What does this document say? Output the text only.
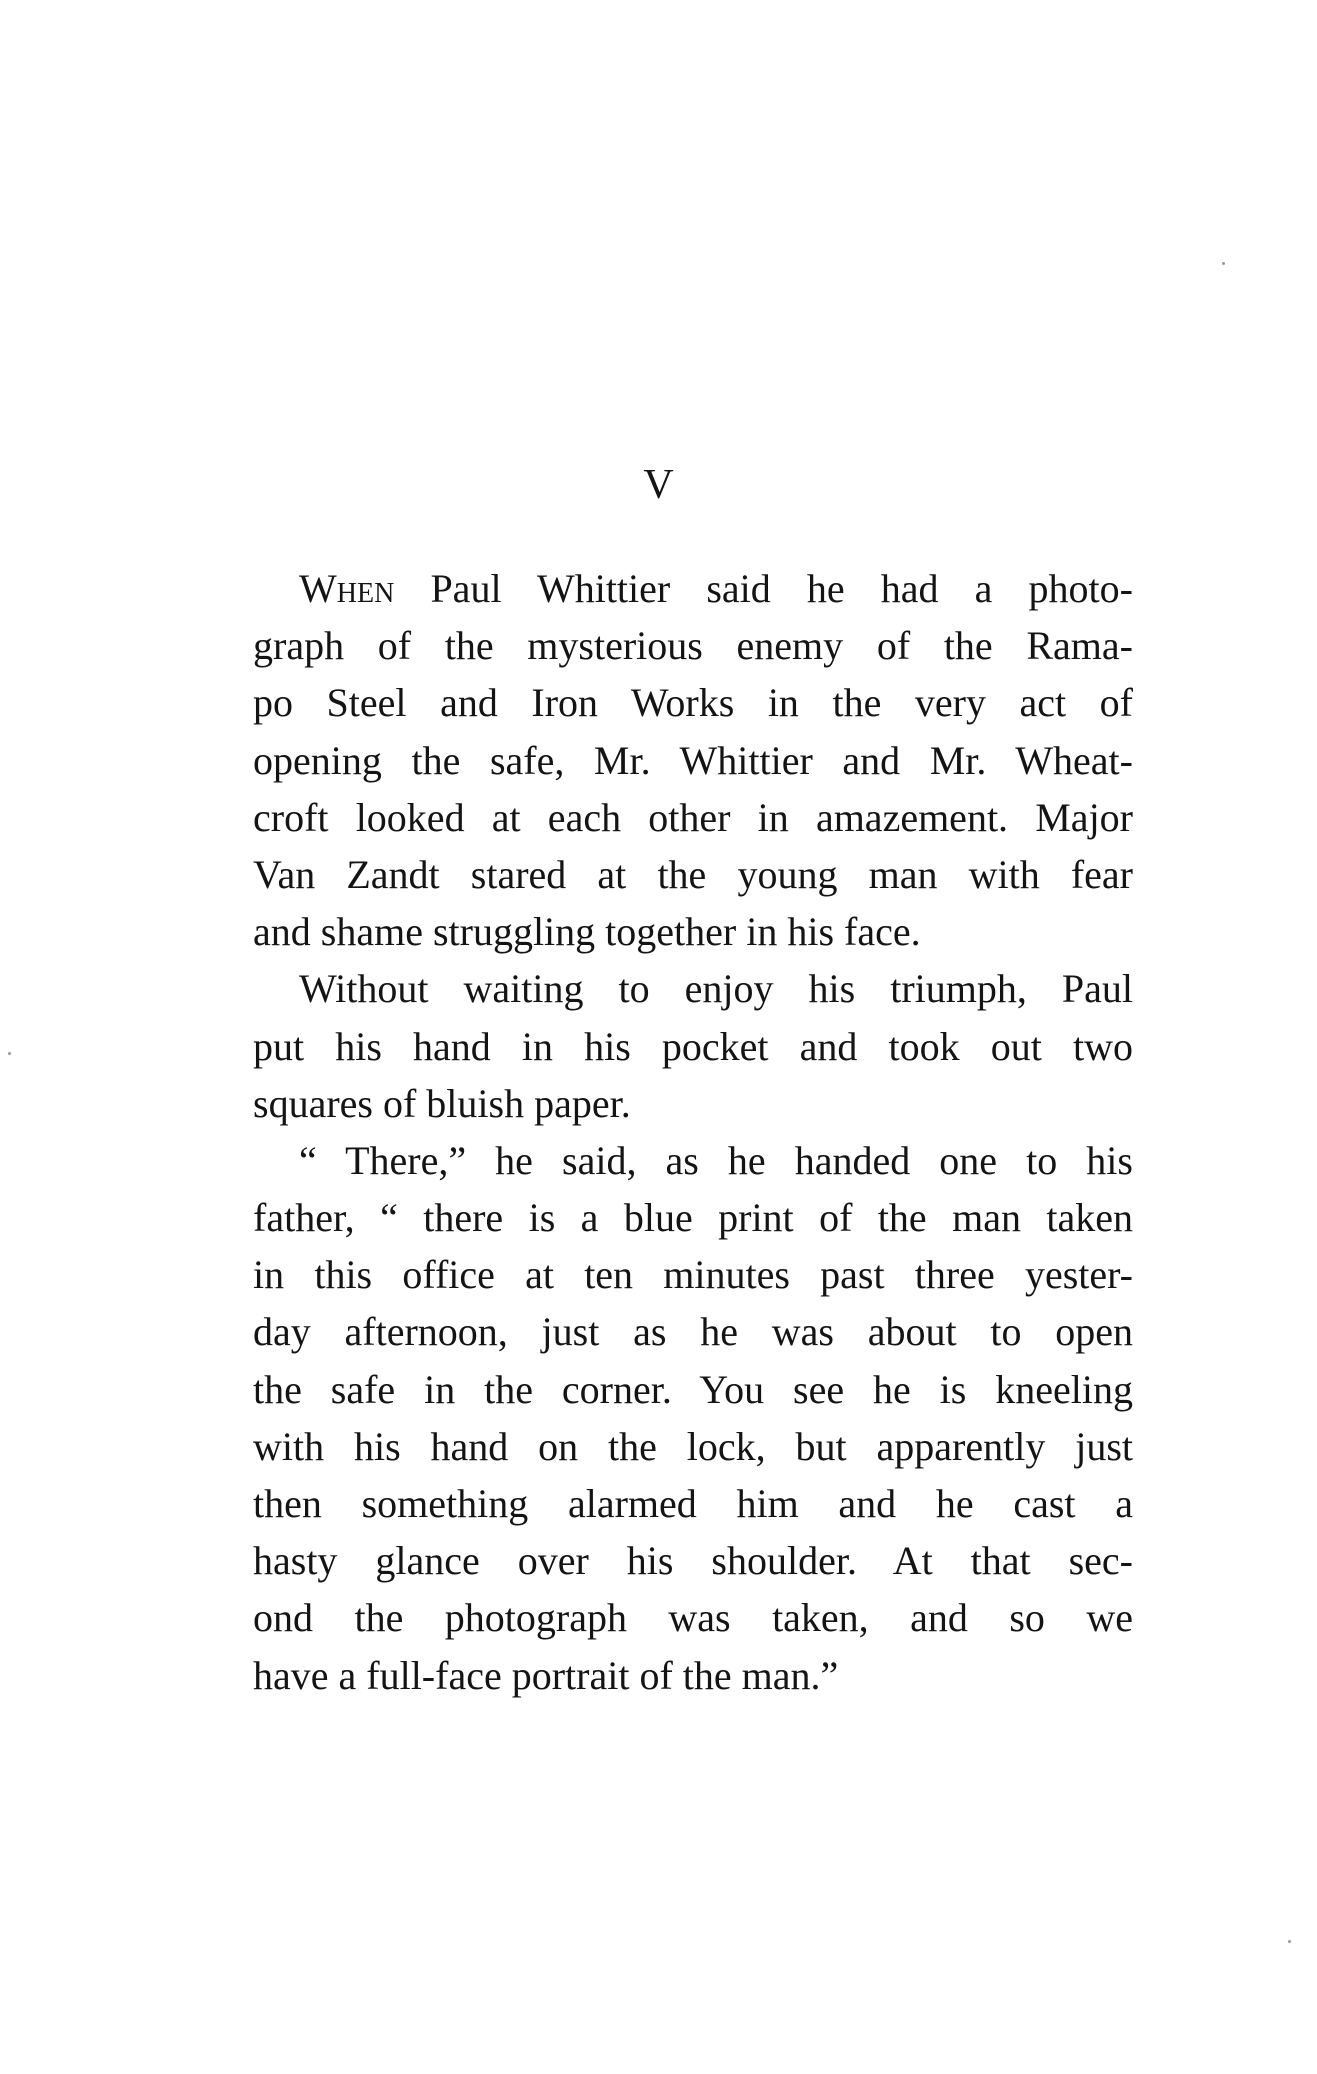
V
When Paul Whittier said he had a photo-
graph of the mysterious enemy of the Rama-
po Steel and Iron Works in the very act of
opening the safe, Mr. Whittier and Mr. Wheat-
croft looked at each other in amazement. Major
Van Zandt stared at the young man with fear
and shame struggling together in his face.
Without waiting to enjoy his triumph, Paul
put his hand in his pocket and took out two
squares of bluish paper.
“ There,” he said, as he handed one to his
father, “ there is a blue print of the man taken
in this office at ten minutes past three yester-
day afternoon, just as he was about to open
the safe in the corner. You see he is kneeling
with his hand on the lock, but apparently just
then something alarmed him and he cast a
hasty glance over his shoulder. At that sec-
ond the photograph was taken, and so we
have a full-face portrait of the man.”
